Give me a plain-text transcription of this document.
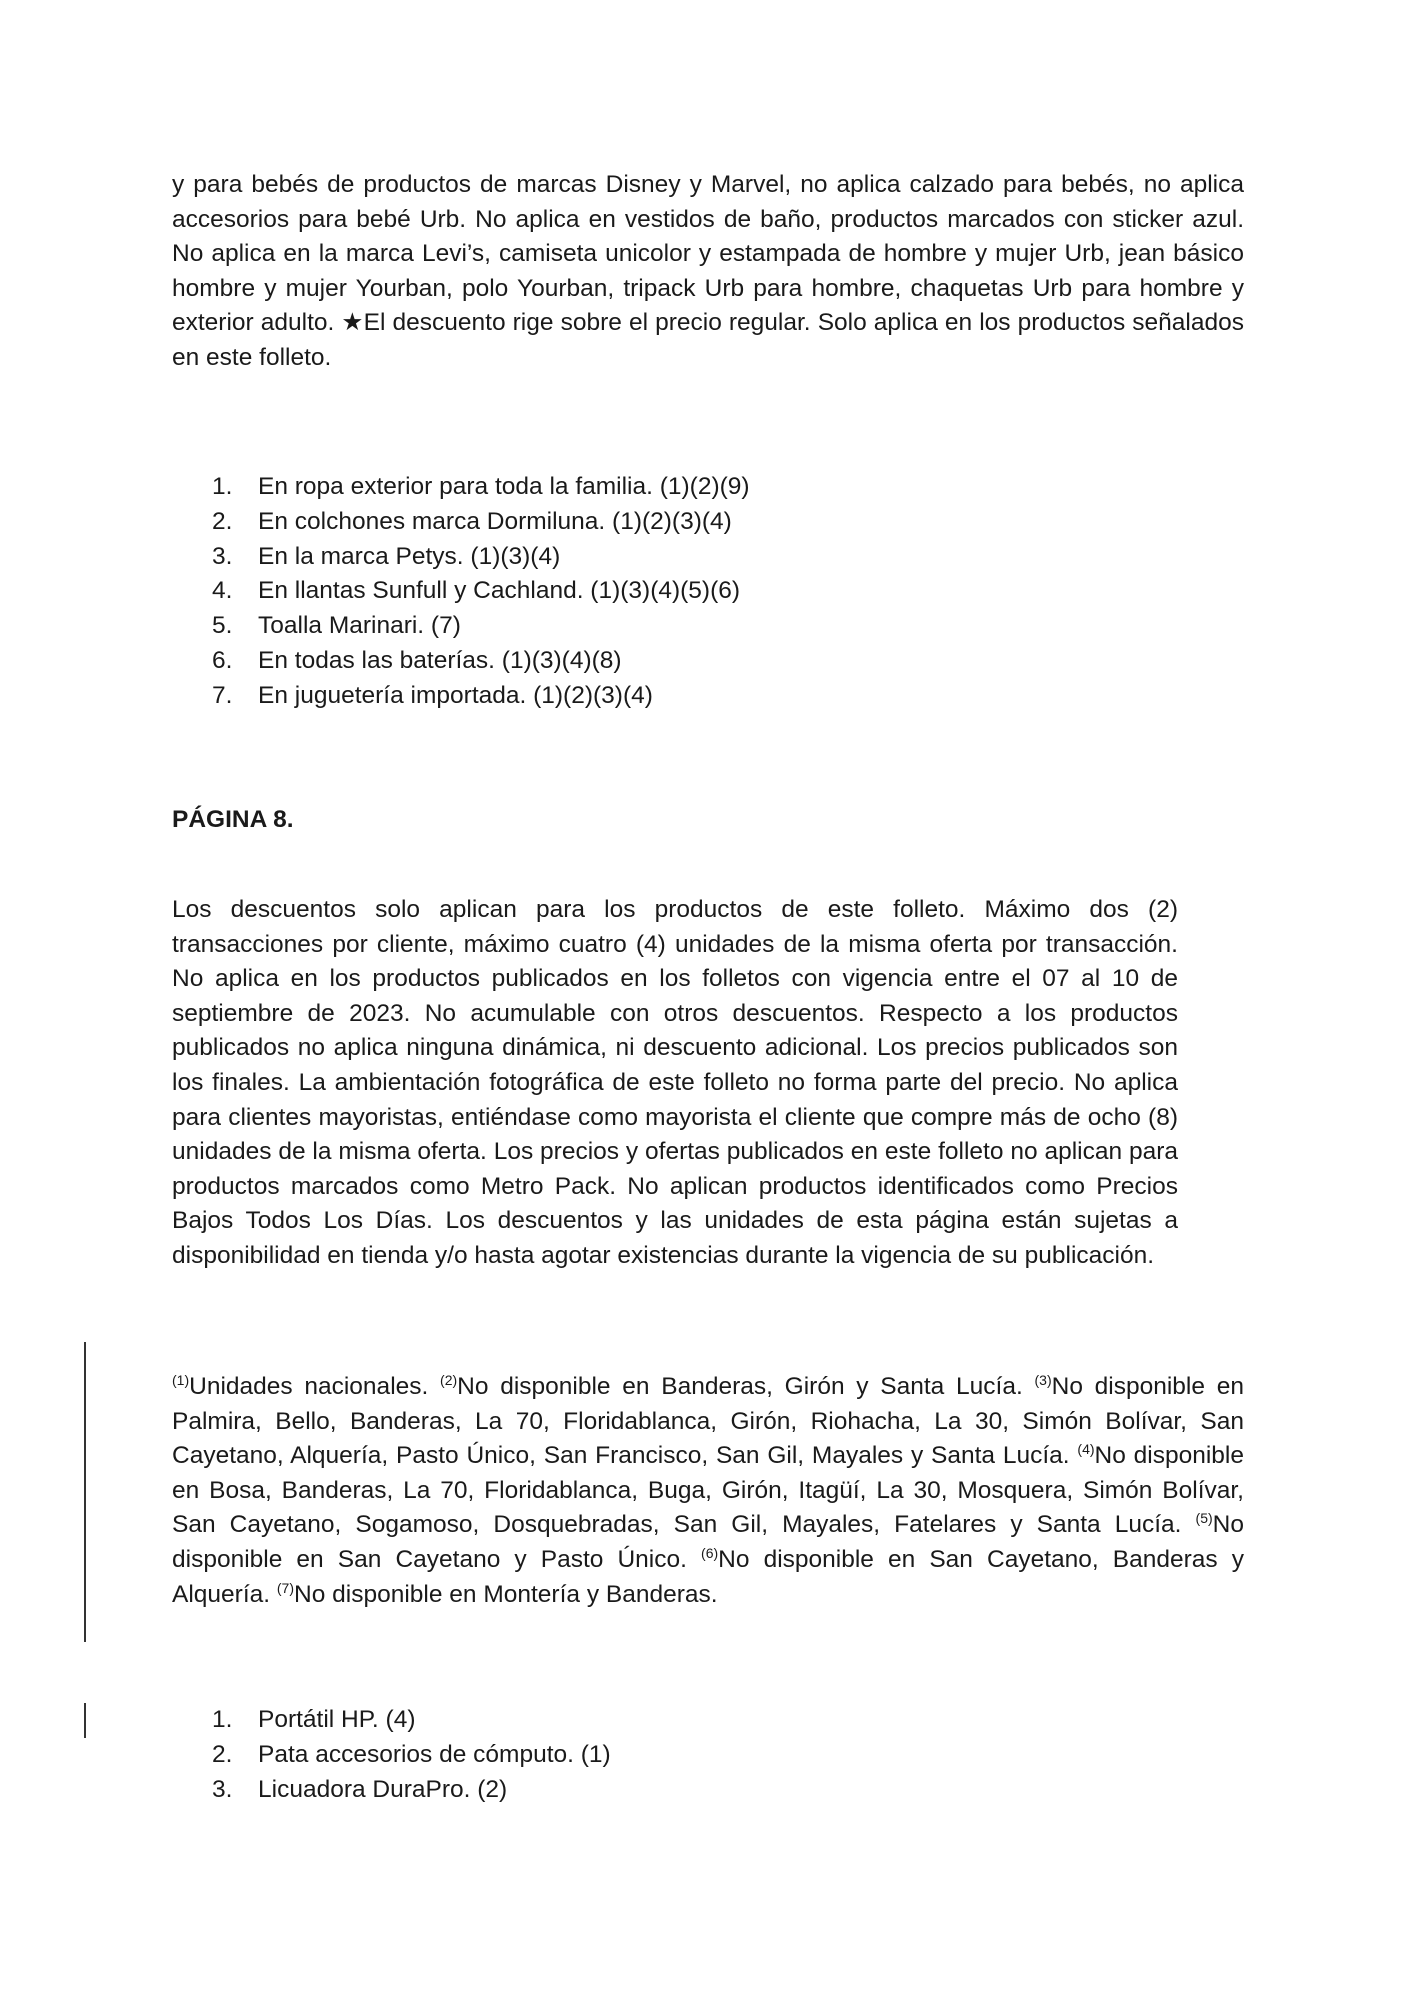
y para bebés de productos de marcas Disney y Marvel, no aplica calzado para bebés, no aplica accesorios para bebé Urb. No aplica en vestidos de baño, productos marcados con sticker azul. No aplica en la marca Levi’s, camiseta unicolor y estampada de hombre y mujer Urb, jean básico hombre y mujer Yourban, polo Yourban, tripack Urb para hombre, chaquetas Urb para hombre y exterior adulto. ★El descuento rige sobre el precio regular. Solo aplica en los productos señalados en este folleto.
1. En ropa exterior para toda la familia. (1)(2)(9)
2. En colchones marca Dormiluna. (1)(2)(3)(4)
3. En la marca Petys. (1)(3)(4)
4. En llantas Sunfull y Cachland. (1)(3)(4)(5)(6)
5. Toalla Marinari. (7)
6. En todas las baterías. (1)(3)(4)(8)
7. En juguetería importada. (1)(2)(3)(4)
PÁGINA 8.
Los descuentos solo aplican para los productos de este folleto. Máximo dos (2) transacciones por cliente, máximo cuatro (4) unidades de la misma oferta por transacción. No aplica en los productos publicados en los folletos con vigencia entre el 07 al 10 de septiembre de 2023. No acumulable con otros descuentos. Respecto a los productos publicados no aplica ninguna dinámica, ni descuento adicional. Los precios publicados son los finales. La ambientación fotográfica de este folleto no forma parte del precio. No aplica para clientes mayoristas, entiéndase como mayorista el cliente que compre más de ocho (8) unidades de la misma oferta. Los precios y ofertas publicados en este folleto no aplican para productos marcados como Metro Pack. No aplican productos identificados como Precios Bajos Todos Los Días. Los descuentos y las unidades de esta página están sujetas a disponibilidad en tienda y/o hasta agotar existencias durante la vigencia de su publicación.
$^{(1)}$Unidades nacionales. $^{(2)}$No disponible en Banderas, Girón y Santa Lucía. $^{(3)}$No disponible en Palmira, Bello, Banderas, La 70, Floridablanca, Girón, Riohacha, La 30, Simón Bolívar, San Cayetano, Alquería, Pasto Único, San Francisco, San Gil, Mayales y Santa Lucía. $^{(4)}$No disponible en Bosa, Banderas, La 70, Floridablanca, Buga, Girón, Itagüí, La 30, Mosquera, Simón Bolívar, San Cayetano, Sogamoso, Dosquebradas, San Gil, Mayales, Fatelares y Santa Lucía. $^{(5)}$No disponible en San Cayetano y Pasto Único. $^{(6)}$No disponible en San Cayetano, Banderas y Alquería. $^{(7)}$No disponible en Montería y Banderas.
1. Portátil HP. (4)
2. Pata accesorios de cómputo. (1)
3. Licuadora DuraPro. (2)
